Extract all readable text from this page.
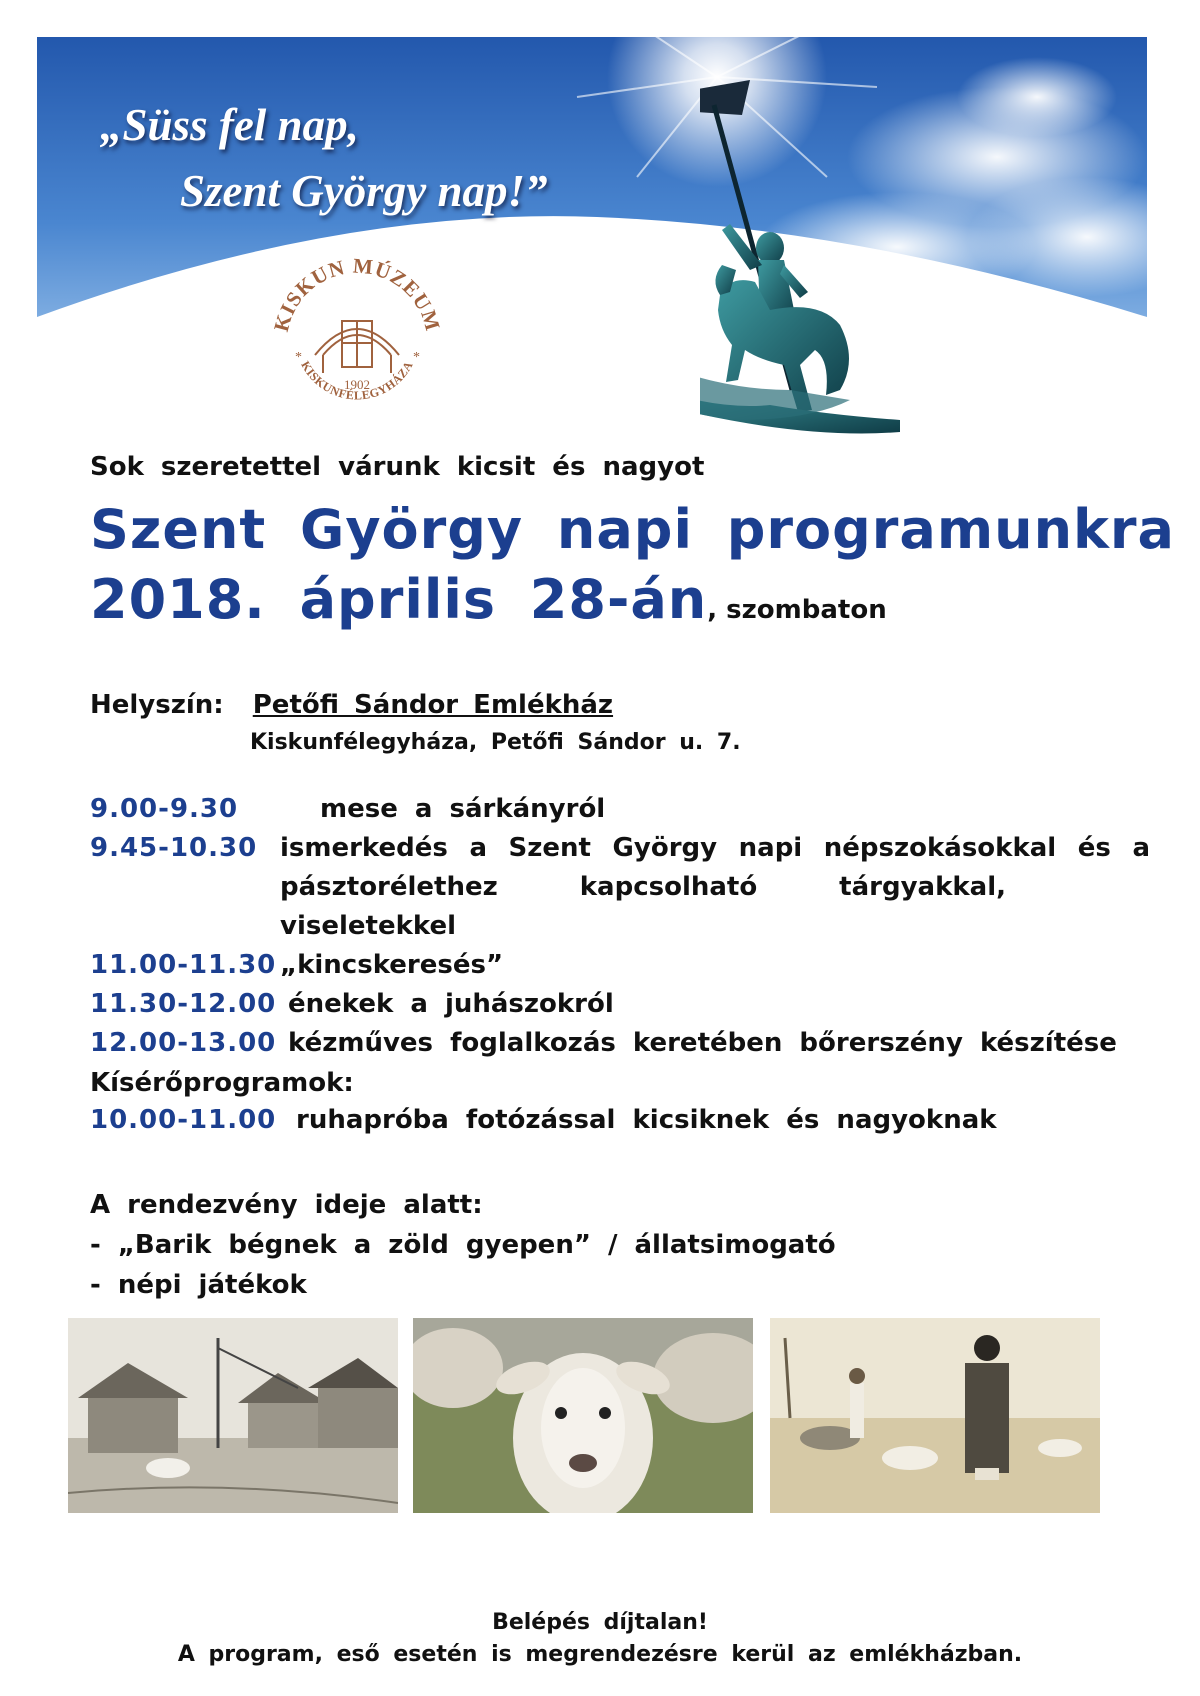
„Süss fel nap,
Szent György nap!”
KISKUN MÚZEUM
KISKUNFÉLEGYHÁZA
*	*
1902
Sok szeretettel várunk kicsit és nagyot
Szent György napi programunkra
2018. április 28-án, szombaton
Helyszín: Petőfi Sándor Emlékház
Kiskunfélegyháza, Petőfi Sándor u. 7.
9.00-9.30	mese a sárkányról
9.45-10.30 ismerkedés a Szent György napi népszokásokkal és a
pásztorélethez kapcsolható tárgyakkal, viseletekkel
11.00-11.30 „kincskeresés”
11.30-12.00 énekek a juhászokról
12.00-13.00 kézműves foglalkozás keretében bőrerszény készítése
Kísérőprogramok:
10.00-11.00 ruhapróba fotózással kicsiknek és nagyoknak
A rendezvény ideje alatt:
- „Barik bégnek a zöld gyepen” / állatsimogató
- népi játékok
Belépés díjtalan!
A program, eső esetén is megrendezésre kerül az emlékházban.
